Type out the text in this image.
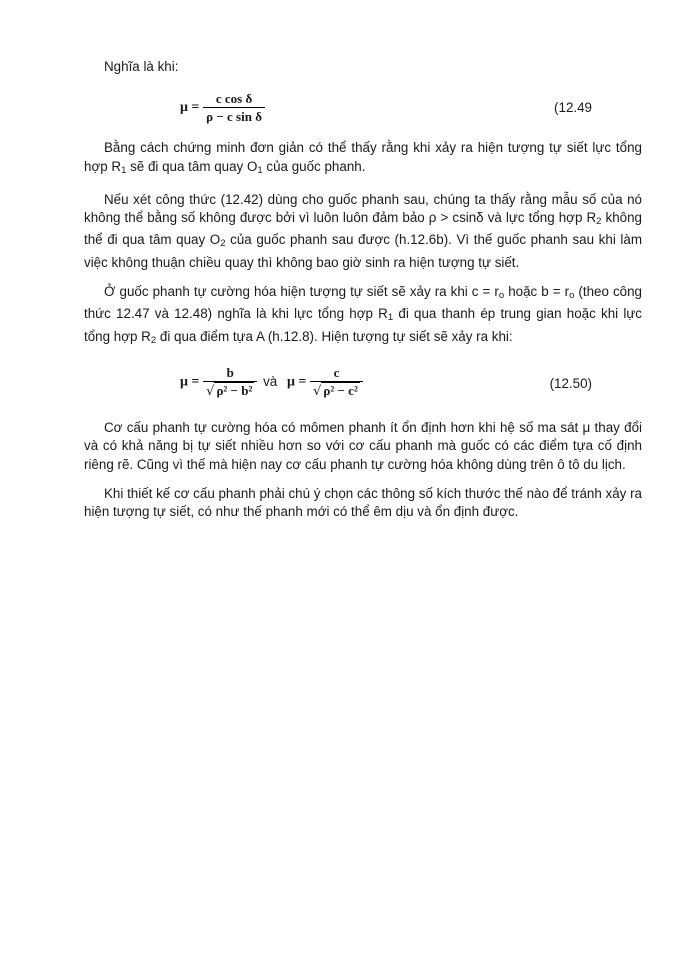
Nghĩa là khi:

$\mu = \frac{\text{c cos δ}}{\text{ρ − c sin δ}}$	(12.49

Bằng cách chứng minh đơn giản có thể thấy rằng khi xảy ra hiện tượng tự siết lực tổng hợp $R_1$ sẽ đi qua tâm quay $O_1$ của guốc phanh.

Nếu xét công thức (12.42) dùng cho guốc phanh sau, chúng ta thấy rằng mẫu số của nó không thể bằng số không được bởi vì luôn luôn đảm bảo ρ > csinδ và lực tổng hợp $R_2$ không thể đi qua tâm quay $O_2$ của guốc phanh sau được (h.12.6b). Vì thế guốc phanh sau khi làm việc không thuận chiều quay thì không bao giờ sinh ra hiện tượng tự siết.

Ở guốc phanh tự cường hóa hiện tượng tự siết sẽ xảy ra khi $c = r_o$ hoặc $b = r_o$ (theo công thức 12.47 và 12.48) nghĩa là khi lực tổng hợp $R_1$ đi qua thanh ép trung gian hoặc khi lực tổng hợp $R_2$ đi qua điểm tựa A (h.12.8). Hiện tượng tự siết sẽ xảy ra khi:

$\mu = \frac{b}{\text{√ ρ² − b²}}$ và $\mu = \frac{c}{\text{√ ρ² − c²}}$	(12.50)

Cơ cấu phanh tự cường hóa có mômen phanh ít ổn định hơn khi hệ số ma sát μ thay đổi và có khả năng bị tự siết nhiều hơn so với cơ cấu phanh mà guốc có các điểm tựa cố định riêng rẽ. Cũng vì thế mà hiện nay cơ cấu phanh tự cường hóa không dùng trên ô tô du lịch.

Khi thiết kế cơ cấu phanh phải chú ý chọn các thông số kích thước thế nào để tránh xảy ra hiện tượng tự siết, có như thế phanh mới có thể êm dịu và ổn định được.
